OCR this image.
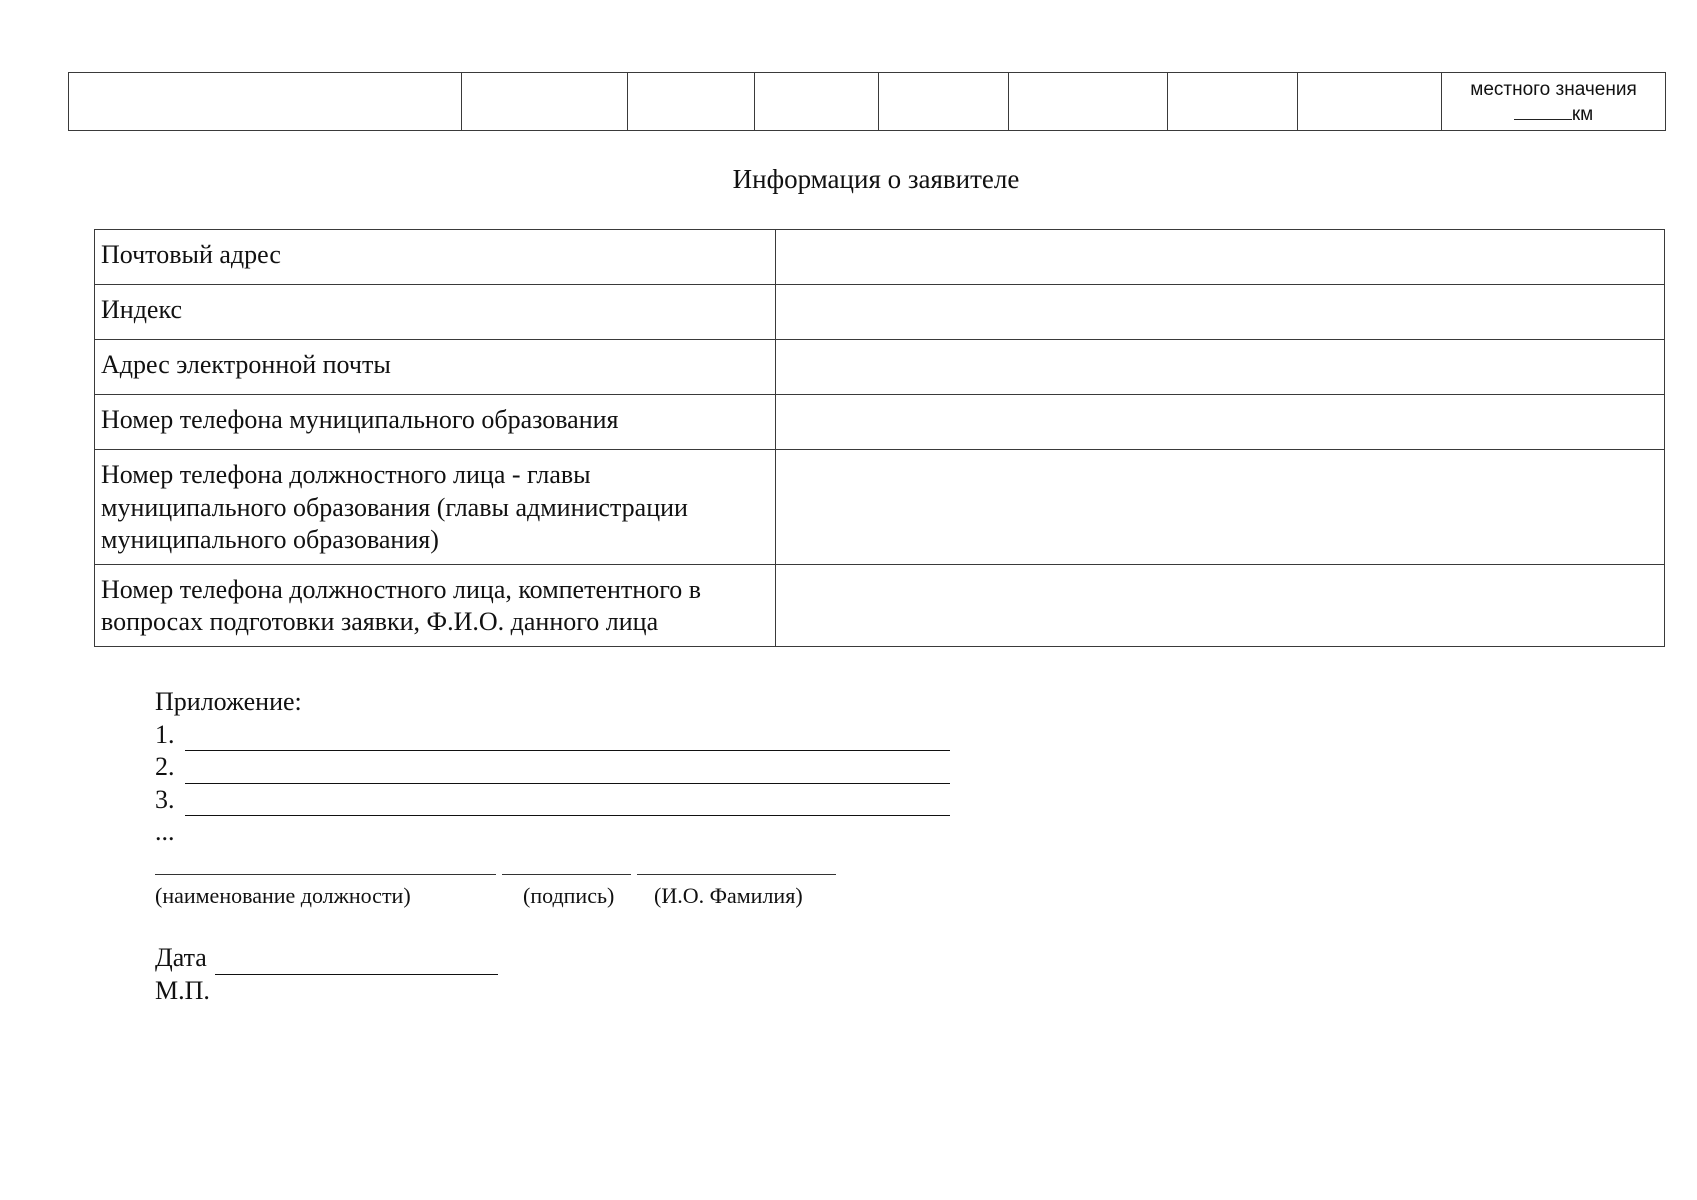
местного значения
км
Информация о заявителе
Почтовый адрес	
Индекс	
Адрес электронной почты	
Номер телефона муниципального образования	
Номер телефона должностного лица - главы муниципального образования (главы администрации муниципального образования)	
Номер телефона должностного лица, компетентного в вопросах подготовки заявки, Ф.И.О. данного лица	

Приложение:

1.
2.
3.

...

(наименование должности)	(подпись) (И.О. Фамилия)
Дата

М.П.
